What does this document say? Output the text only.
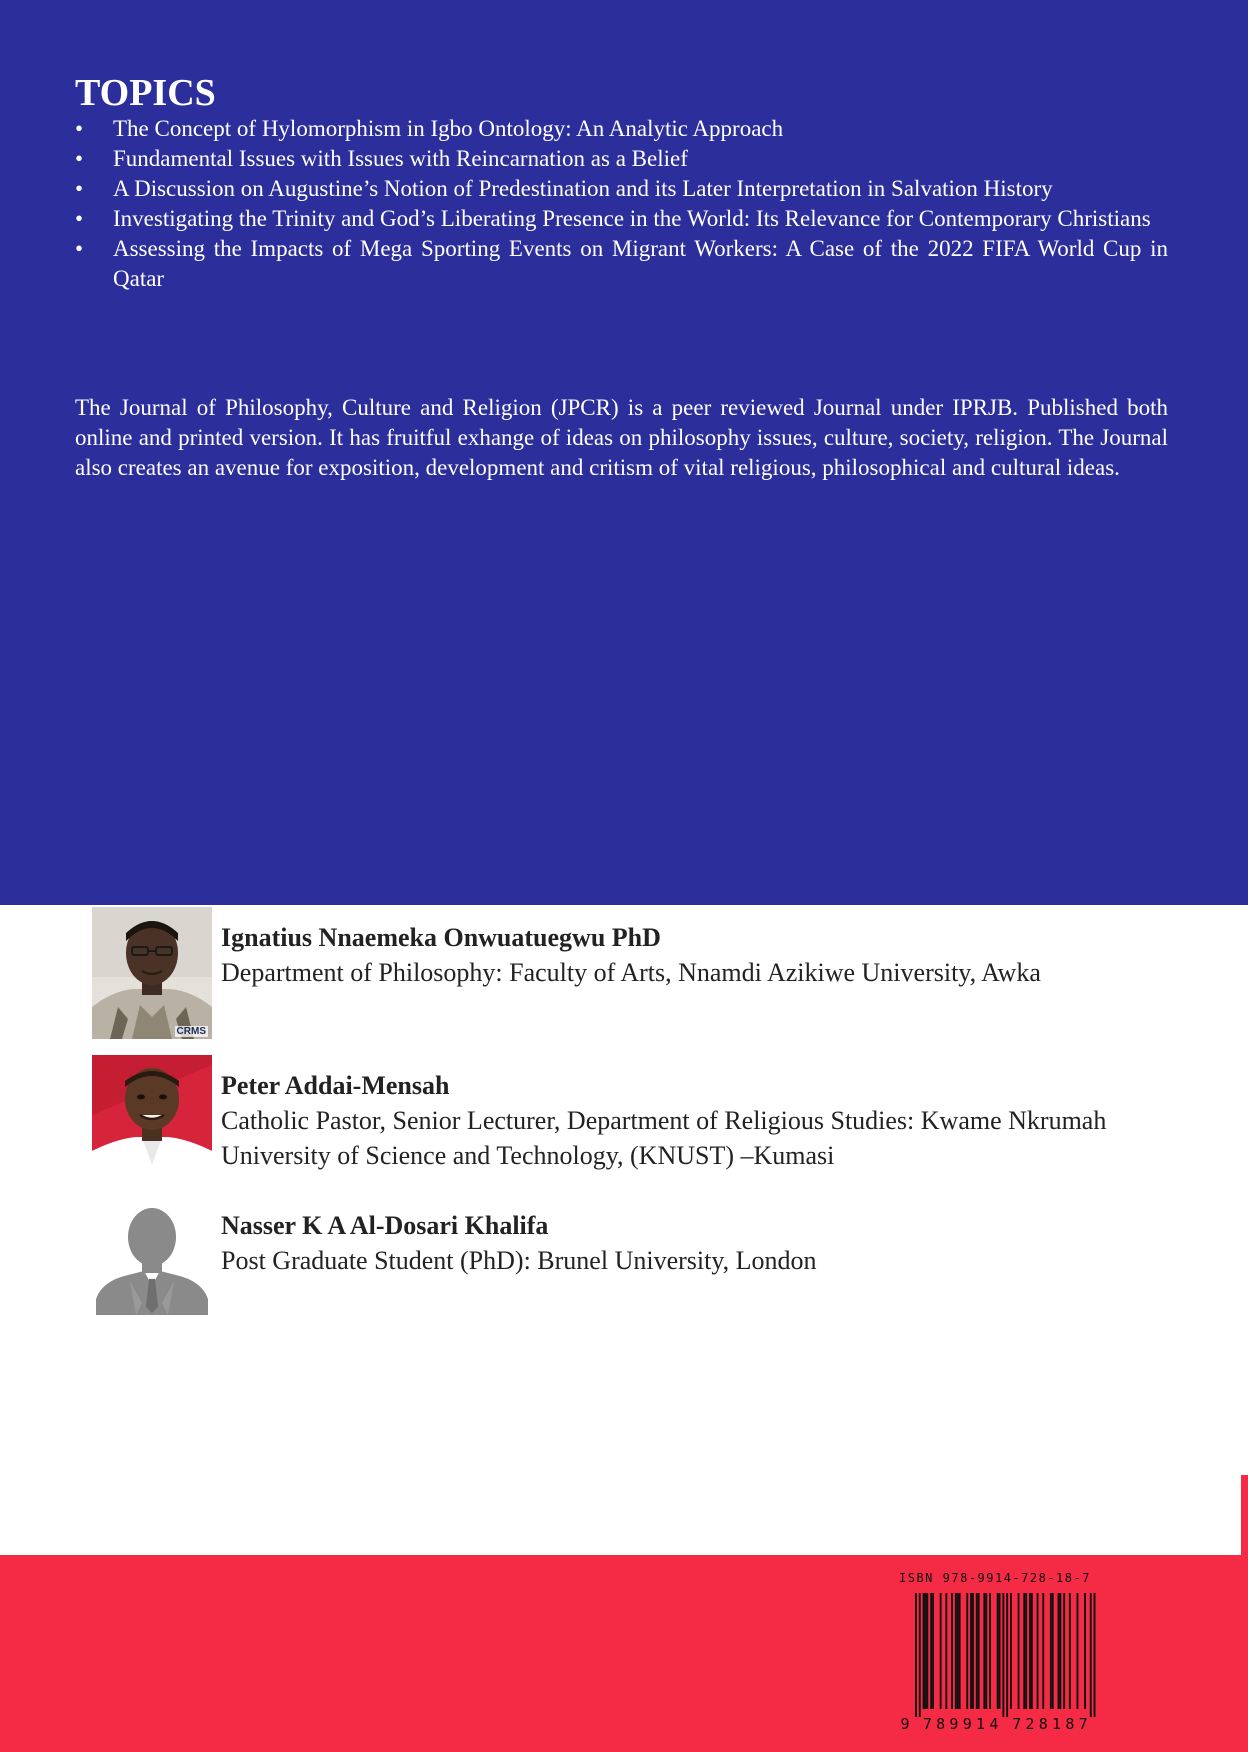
TOPICS
•	The Concept of Hylomorphism in Igbo Ontology: An Analytic Approach
•	Fundamental Issues with Issues with Reincarnation as a Belief
•	A Discussion on Augustine’s Notion of Predestination and its Later Interpretation in Salvation History
•	Investigating the Trinity and God’s Liberating Presence in the World: Its Relevance for Contemporary Christians
•	Assessing the Impacts of Mega Sporting Events on Migrant Workers: A Case of the 2022 FIFA World Cup in Qatar

The Journal of Philosophy, Culture and Religion (JPCR) is a peer reviewed Journal under IPRJB. Published both online and printed version. It has fruitful exhange of ideas on philosophy issues, culture, society, religion. The Journal also creates an avenue for exposition, development and critism of vital religious, philosophical and cultural ideas.

CRMS
Ignatius Nnaemeka Onwuatuegwu PhD
Department of Philosophy: Faculty of Arts, Nnamdi Azikiwe University, Awka
Peter Addai-Mensah
Catholic Pastor, Senior Lecturer, Department of Religious Studies: Kwame Nkrumah University of Science and Technology, (KNUST) –Kumasi
Nasser K A Al-Dosari Khalifa
Post Graduate Student (PhD): Brunel University, London
ISBN 978-9914-728-18-7
9 7 8 9 9 1 4 7 2 8 1 8 7
